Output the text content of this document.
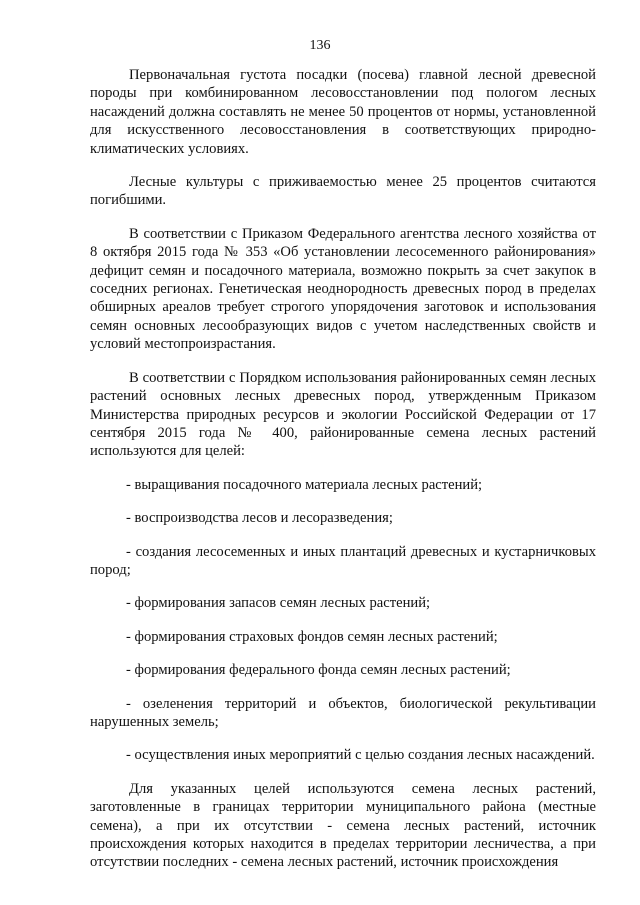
136

Первоначальная густота посадки (посева) главной лесной древесной породы при комбинированном лесовосстановлении под пологом лесных насаждений должна составлять не менее 50 процентов от нормы, установленной для искусственного лесовосстановления в соответствующих природно-климатических условиях.

Лесные культуры с приживаемостью менее 25 процентов считаются погибшими.

В соответствии с Приказом Федерального агентства лесного хозяйства от 8 октября 2015 года № 353 «Об установлении лесосеменного районирования» дефицит семян и посадочного материала, возможно покрыть за счет закупок в соседних регионах. Генетическая неоднородность древесных пород в пределах обширных ареалов требует строгого упорядочения заготовок и использования семян основных лесообразующих видов с учетом наследственных свойств и условий местопроизрастания.

В соответствии с Порядком использования районированных семян лесных растений основных лесных древесных пород, утвержденным Приказом Министерства природных ресурсов и экологии Российской Федерации от 17 сентября 2015 года № 400, районированные семена лесных растений используются для целей:

- выращивания посадочного материала лесных растений;

- воспроизводства лесов и лесоразведения;

- создания лесосеменных и иных плантаций древесных и кустарничковых пород;

- формирования запасов семян лесных растений;

- формирования страховых фондов семян лесных растений;

- формирования федерального фонда семян лесных растений;

- озеленения территорий и объектов, биологической рекультивации нарушенных земель;

- осуществления иных мероприятий с целью создания лесных насаждений.

Для указанных целей используются семена лесных растений, заготовленные в границах территории муниципального района (местные семена), а при их отсутствии - семена лесных растений, источник происхождения которых находится в пределах территории лесничества, а при отсутствии последних - семена лесных растений, источник происхождения
